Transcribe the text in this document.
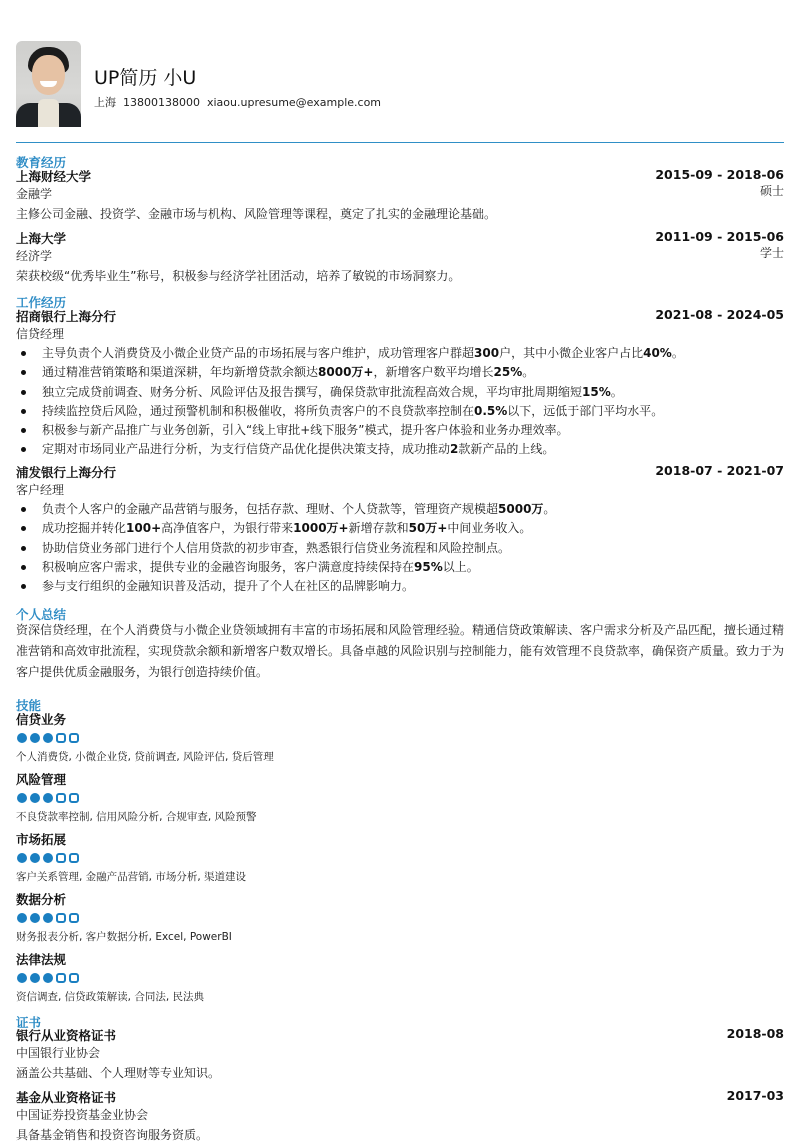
UP简历 小U
上海 13800138000 xiaou.upresume@example.com
教育经历
上海财经大学
金融学
2015-09 - 2018-06
硕士
主修公司金融、投资学、金融市场与机构、风险管理等课程，奠定了扎实的金融理论基础。
上海大学
经济学
2011-09 - 2015-06
学士
荣获校级“优秀毕业生”称号，积极参与经济学社团活动，培养了敏锐的市场洞察力。
工作经历
招商银行上海分行
信贷经理
2021-08 - 2024-05
主导负责个人消费贷及小微企业贷产品的市场拓展与客户维护，成功管理客户群超300户，其中小微企业客户占比40%。
通过精准营销策略和渠道深耕，年均新增贷款余额达8000万+，新增客户数平均增长25%。
独立完成贷前调查、财务分析、风险评估及报告撰写，确保贷款审批流程高效合规，平均审批周期缩短15%。
持续监控贷后风险，通过预警机制和积极催收，将所负责客户的不良贷款率控制在0.5%以下，远低于部门平均水平。
积极参与新产品推广与业务创新，引入“线上审批+线下服务”模式，提升客户体验和业务办理效率。
定期对市场同业产品进行分析，为支行信贷产品优化提供决策支持，成功推动2款新产品的上线。
浦发银行上海分行
客户经理
2018-07 - 2021-07
负责个人客户的金融产品营销与服务，包括存款、理财、个人贷款等，管理资产规模超5000万。
成功挖掘并转化100+高净值客户，为银行带来1000万+新增存款和50万+中间业务收入。
协助信贷业务部门进行个人信用贷款的初步审查，熟悉银行信贷业务流程和风险控制点。
积极响应客户需求，提供专业的金融咨询服务，客户满意度持续保持在95%以上。
参与支行组织的金融知识普及活动，提升了个人在社区的品牌影响力。
个人总结
资深信贷经理，在个人消费贷与小微企业贷领域拥有丰富的市场拓展和风险管理经验。精通信贷政策解读、客户需求分析及产品匹配，擅长通过精准营销和高效审批流程，实现贷款余额和新增客户数双增长。具备卓越的风险识别与控制能力，能有效管理不良贷款率，确保资产质量。致力于为客户提供优质金融服务，为银行创造持续价值。
技能
信贷业务
个人消费贷, 小微企业贷, 贷前调查, 风险评估, 贷后管理
风险管理
不良贷款率控制, 信用风险分析, 合规审查, 风险预警
市场拓展
客户关系管理, 金融产品营销, 市场分析, 渠道建设
数据分析
财务报表分析, 客户数据分析, Excel, PowerBI
法律法规
资信调查, 信贷政策解读, 合同法, 民法典
证书
银行从业资格证书
中国银行业协会
2018-08
涵盖公共基础、个人理财等专业知识。
基金从业资格证书
中国证券投资基金业协会
2017-03
具备基金销售和投资咨询服务资质。
